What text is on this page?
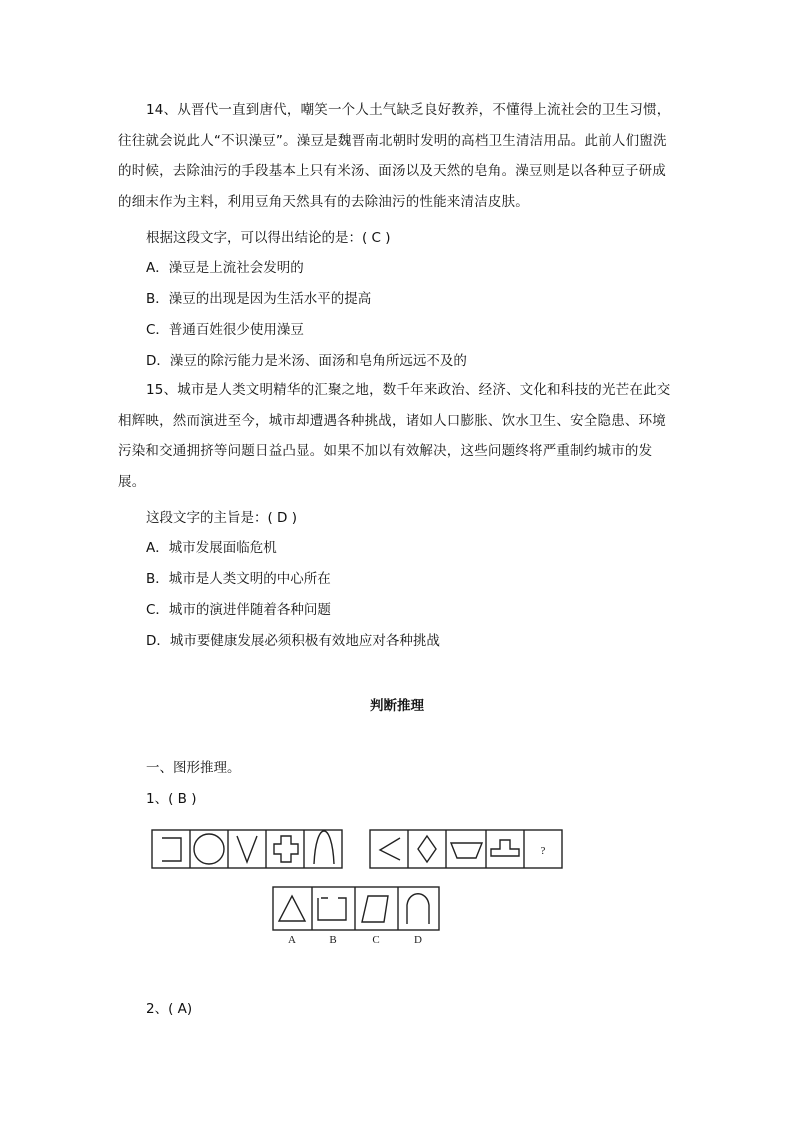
14、从晋代一直到唐代，嘲笑一个人土气缺乏良好教养，不懂得上流社会的卫生习惯，往往就会说此人“不识澡豆”。澡豆是魏晋南北朝时发明的高档卫生清洁用品。此前人们盥洗的时候，去除油污的手段基本上只有米汤、面汤以及天然的皂角。澡豆则是以各种豆子研成的细末作为主料，利用豆角天然具有的去除油污的性能来清洁皮肤。

根据这段文字，可以得出结论的是：( C )

A．澡豆是上流社会发明的

B．澡豆的出现是因为生活水平的提高

C．普通百姓很少使用澡豆

D．澡豆的除污能力是米汤、面汤和皂角所远远不及的

15、城市是人类文明精华的汇聚之地，数千年来政治、经济、文化和科技的光芒在此交相辉映，然而演进至今，城市却遭遇各种挑战，诸如人口膨胀、饮水卫生、安全隐患、环境污染和交通拥挤等问题日益凸显。如果不加以有效解决，这些问题终将严重制约城市的发展。

这段文字的主旨是：( D )

A．城市发展面临危机

B．城市是人类文明的中心所在

C．城市的演进伴随着各种问题

D．城市要健康发展必须积极有效地应对各种挑战

判断推理

一、图形推理。

1、( B )

?
A	B	C	D

2、( A)
